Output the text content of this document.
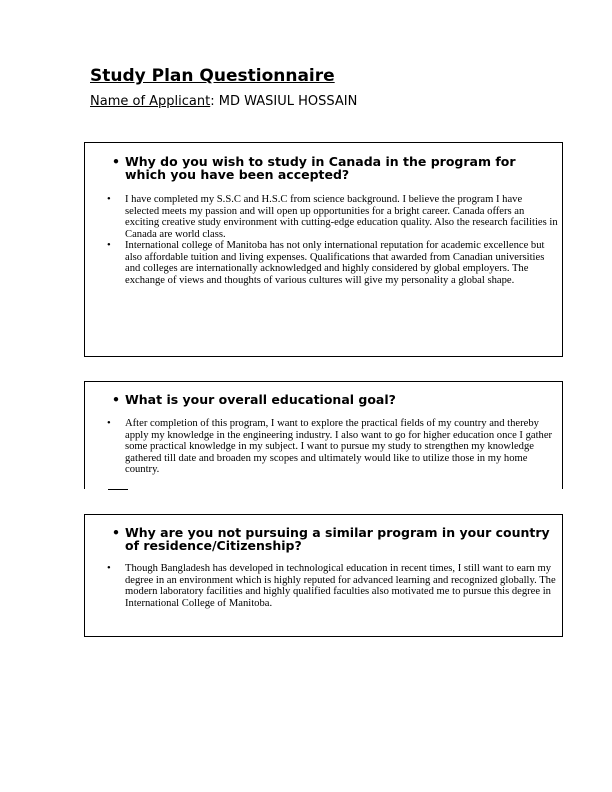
Study Plan Questionnaire
Name of Applicant: MD WASIUL HOSSAIN
• Why do you wish to study in Canada in the program for which you have been accepted?
• I have completed my S.S.C and H.S.C from science background. I believe the program I have selected meets my passion and will open up opportunities for a bright career. Canada offers an exciting creative study environment with cutting-edge education quality. Also the research facilities in Canada are world class.
• International college of Manitoba has not only international reputation for academic excellence but also affordable tuition and living expenses. Qualifications that awarded from Canadian universities and colleges are internationally acknowledged and highly considered by global employers. The exchange of views and thoughts of various cultures will give my personality a global shape.
• What is your overall educational goal?
• After completion of this program, I want to explore the practical fields of my country and thereby apply my knowledge in the engineering industry. I also want to go for higher education once I gather some practical knowledge in my subject. I want to pursue my study to strengthen my knowledge gathered till date and broaden my scopes and ultimately would like to utilize those in my home country.
• Why are you not pursuing a similar program in your country of residence/Citizenship?
• Though Bangladesh has developed in technological education in recent times, I still want to earn my degree in an environment which is highly reputed for advanced learning and recognized globally. The modern laboratory facilities and highly qualified faculties also motivated me to pursue this degree in International College of Manitoba.
